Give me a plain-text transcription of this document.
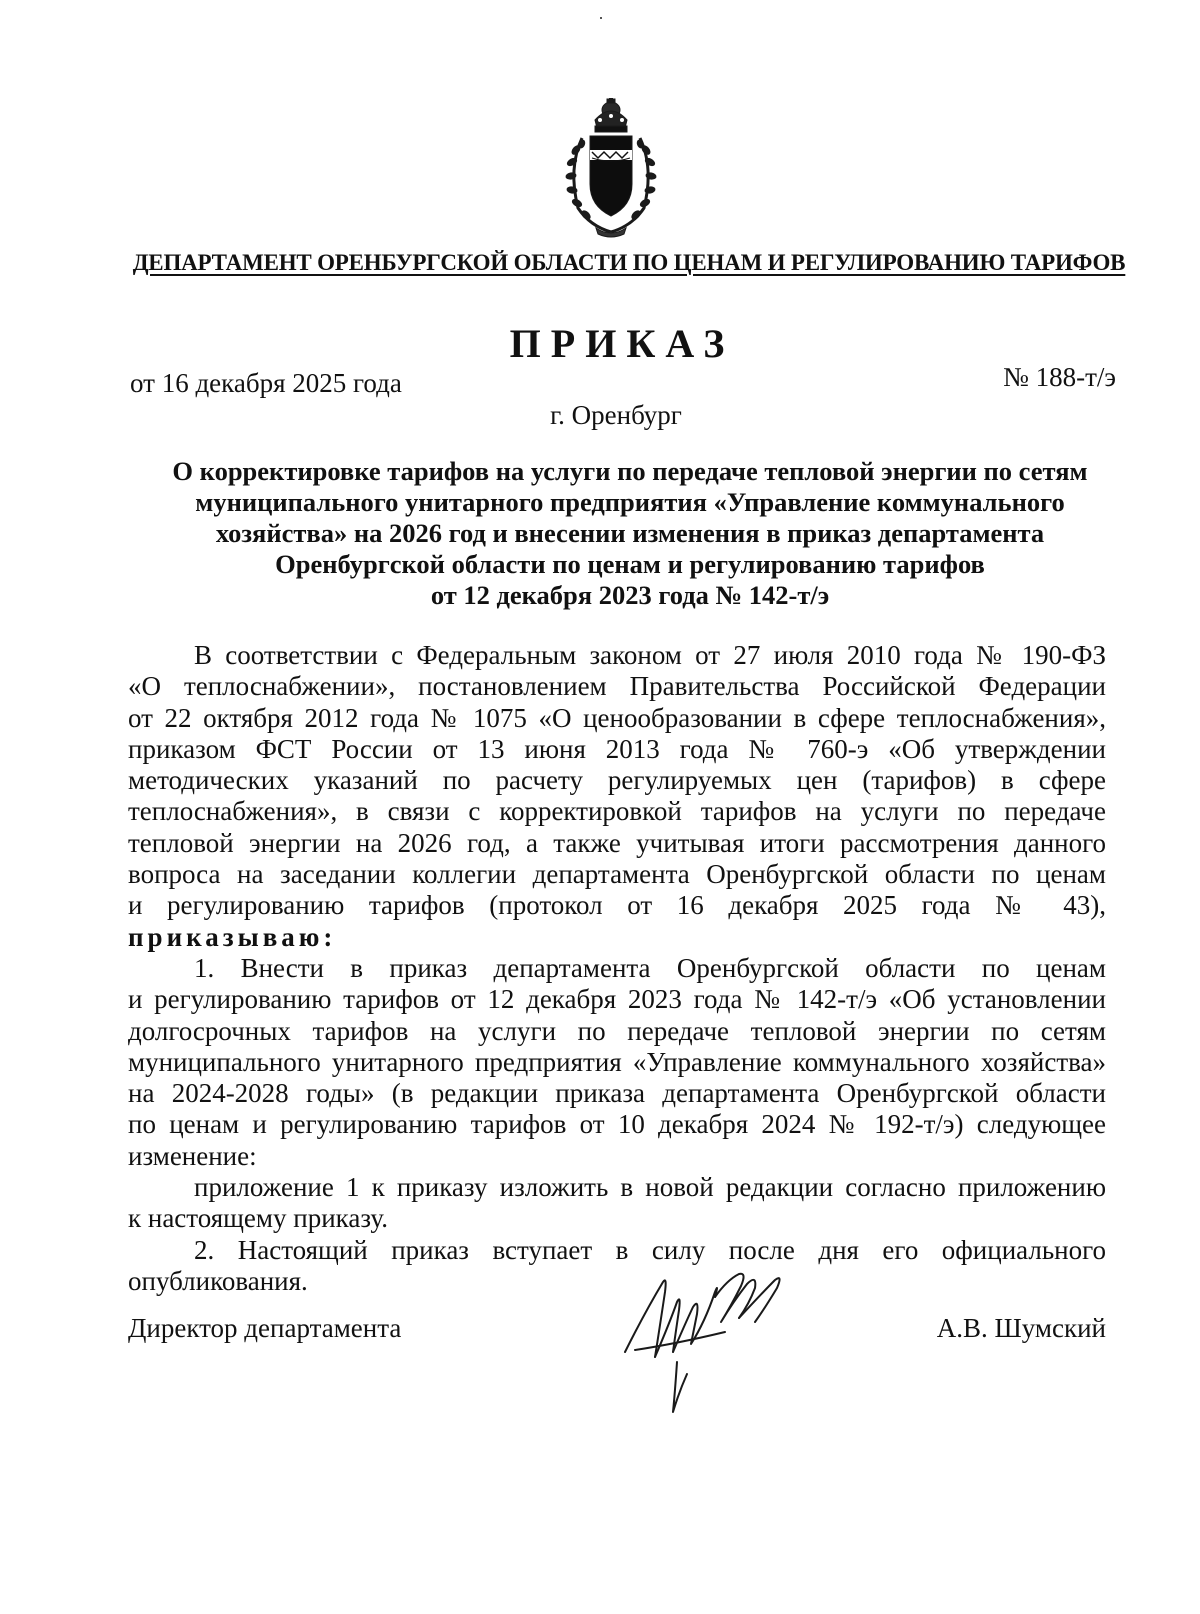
ДЕПАРТАМЕНТ ОРЕНБУРГСКОЙ ОБЛАСТИ ПО ЦЕНАМ И РЕГУЛИРОВАНИЮ ТАРИФОВ
ПРИКАЗ
от 16 декабря 2025 года	№ 188-т/э
г. Оренбург
О корректировке тарифов на услуги по передаче тепловой энергии по сетям
муниципального унитарного предприятия «Управление коммунального
хозяйства» на 2026 год и внесении изменения в приказ департамента
Оренбургской области по ценам и регулированию тарифов
от 12 декабря 2023 года № 142-т/э
В соответствии с Федеральным законом от 27 июля 2010 года № 190-ФЗ
«О теплоснабжении», постановлением Правительства Российской Федерации
от 22 октября 2012 года № 1075 «О ценообразовании в сфере теплоснабжения»,
приказом ФСТ России от 13 июня 2013 года № 760-э «Об утверждении
методических указаний по расчету регулируемых цен (тарифов) в сфере
теплоснабжения», в связи с корректировкой тарифов на услуги по передаче
тепловой энергии на 2026 год, а также учитывая итоги рассмотрения данного
вопроса на заседании коллегии департамента Оренбургской области по ценам
и регулированию тарифов (протокол от 16 декабря 2025 года № 43),
приказываю:
1. Внести в приказ департамента Оренбургской области по ценам
и регулированию тарифов от 12 декабря 2023 года № 142-т/э «Об установлении
долгосрочных тарифов на услуги по передаче тепловой энергии по сетям
муниципального унитарного предприятия «Управление коммунального хозяйства»
на 2024-2028 годы» (в редакции приказа департамента Оренбургской области
по ценам и регулированию тарифов от 10 декабря 2024 № 192-т/э) следующее
изменение:
приложение 1 к приказу изложить в новой редакции согласно приложению
к настоящему приказу.
2. Настоящий приказ вступает в силу после дня его официального
опубликования.
Директор департамента	А.В. Шумский
